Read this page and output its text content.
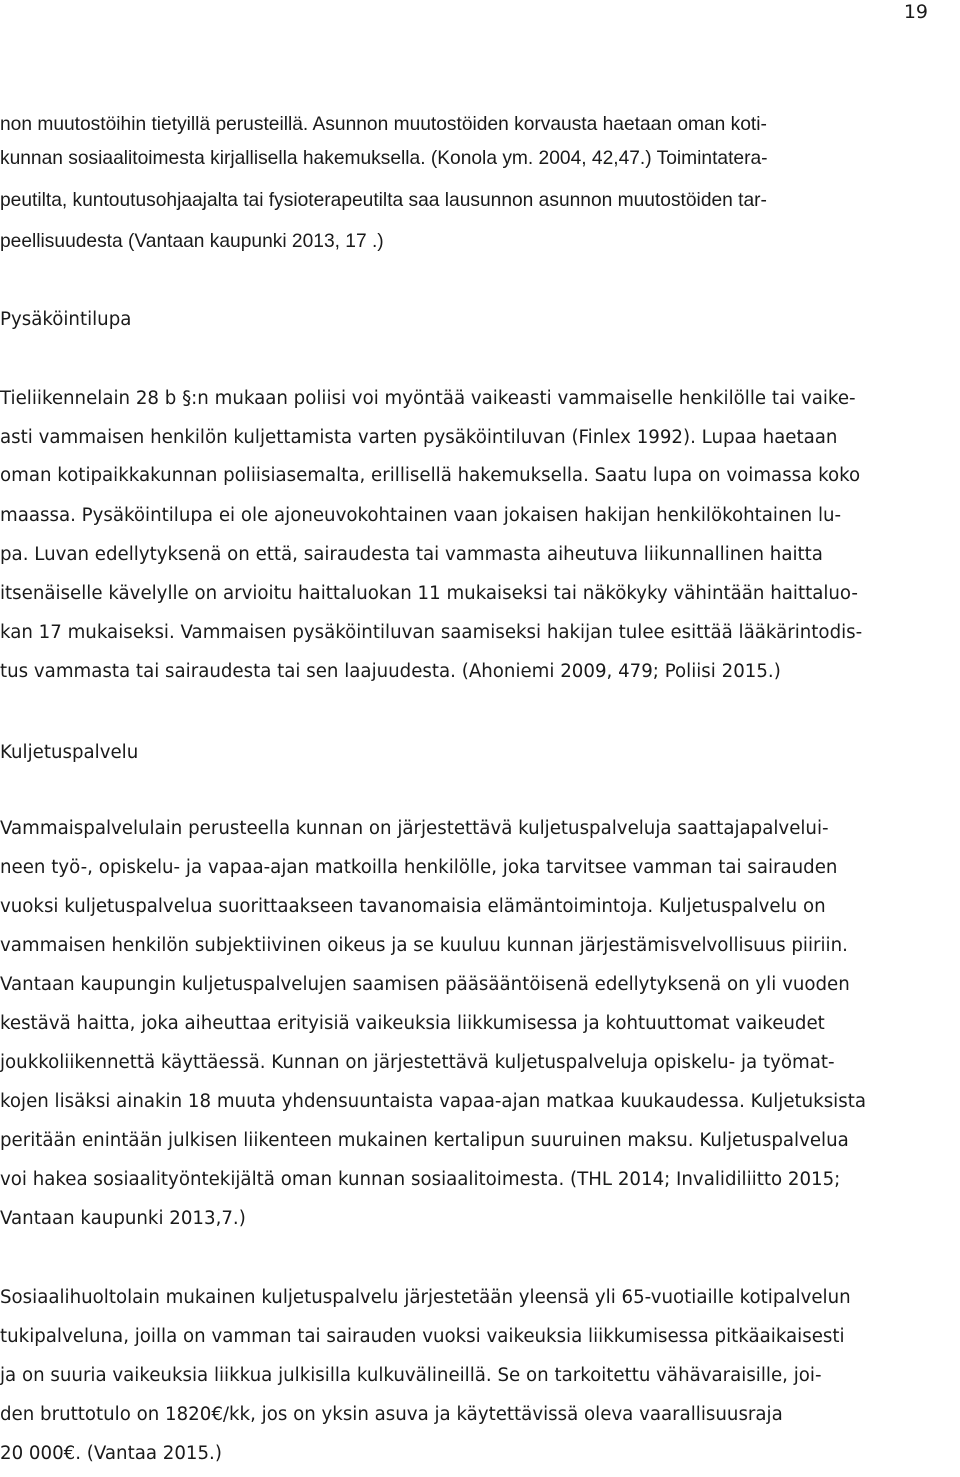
19
non muutostöihin tietyillä perusteillä. Asunnon muutostöiden korvausta haetaan oman koti-
kunnan sosiaalitoimesta kirjallisella hakemuksella. (Konola ym. 2004, 42,47.) Toimintatera-
peutilta, kuntoutusohjaajalta tai fysioterapeutilta saa lausunnon asunnon muutostöiden tar-
peellisuudesta (Vantaan kaupunki 2013, 17 .)
Pysäköintilupa
Tieliikennelain 28 b §:n mukaan poliisi voi myöntää vaikeasti vammaiselle henkilölle tai vaike-
asti vammaisen henkilön kuljettamista varten pysäköintiluvan (Finlex 1992). Lupaa haetaan
oman kotipaikkakunnan poliisiasemalta, erillisellä hakemuksella. Saatu lupa on voimassa koko
maassa. Pysäköintilupa ei ole ajoneuvokohtainen vaan jokaisen hakijan henkilökohtainen lu-
pa. Luvan edellytyksenä on että, sairaudesta tai vammasta aiheutuva liikunnallinen haitta
itsenäiselle kävelylle on arvioitu haittaluokan 11 mukaiseksi tai näkökyky vähintään haittaluo-
kan 17 mukaiseksi. Vammaisen pysäköintiluvan saamiseksi hakijan tulee esittää lääkärintodis-
tus vammasta tai sairaudesta tai sen laajuudesta. (Ahoniemi 2009, 479; Poliisi 2015.)
Kuljetuspalvelu
Vammaispalvelulain perusteella kunnan on järjestettävä kuljetuspalveluja saattajapalvelui-
neen työ-, opiskelu- ja vapaa-ajan matkoilla henkilölle, joka tarvitsee vamman tai sairauden
vuoksi kuljetuspalvelua suorittaakseen tavanomaisia elämäntoimintoja. Kuljetuspalvelu on
vammaisen henkilön subjektiivinen oikeus ja se kuuluu kunnan järjestämisvelvollisuus piiriin.
Vantaan kaupungin kuljetuspalvelujen saamisen pääsääntöisenä edellytyksenä on yli vuoden
kestävä haitta, joka aiheuttaa erityisiä vaikeuksia liikkumisessa ja kohtuuttomat vaikeudet
joukkoliikennettä käyttäessä. Kunnan on järjestettävä kuljetuspalveluja opiskelu- ja työmat-
kojen lisäksi ainakin 18 muuta yhdensuuntaista vapaa-ajan matkaa kuukaudessa. Kuljetuksista
peritään enintään julkisen liikenteen mukainen kertalipun suuruinen maksu. Kuljetuspalvelua
voi hakea sosiaalityöntekijältä oman kunnan sosiaalitoimesta. (THL 2014; Invalidiliitto 2015;
Vantaan kaupunki 2013,7.)
Sosiaalihuoltolain mukainen kuljetuspalvelu järjestetään yleensä yli 65-vuotiaille kotipalvelun
tukipalveluna, joilla on vamman tai sairauden vuoksi vaikeuksia liikkumisessa pitkäaikaisesti
ja on suuria vaikeuksia liikkua julkisilla kulkuvälineillä. Se on tarkoitettu vähävaraisille, joi-
den bruttotulo on 1820€/kk, jos on yksin asuva ja käytettävissä oleva vaarallisuusraja
20 000€. (Vantaa 2015.)
